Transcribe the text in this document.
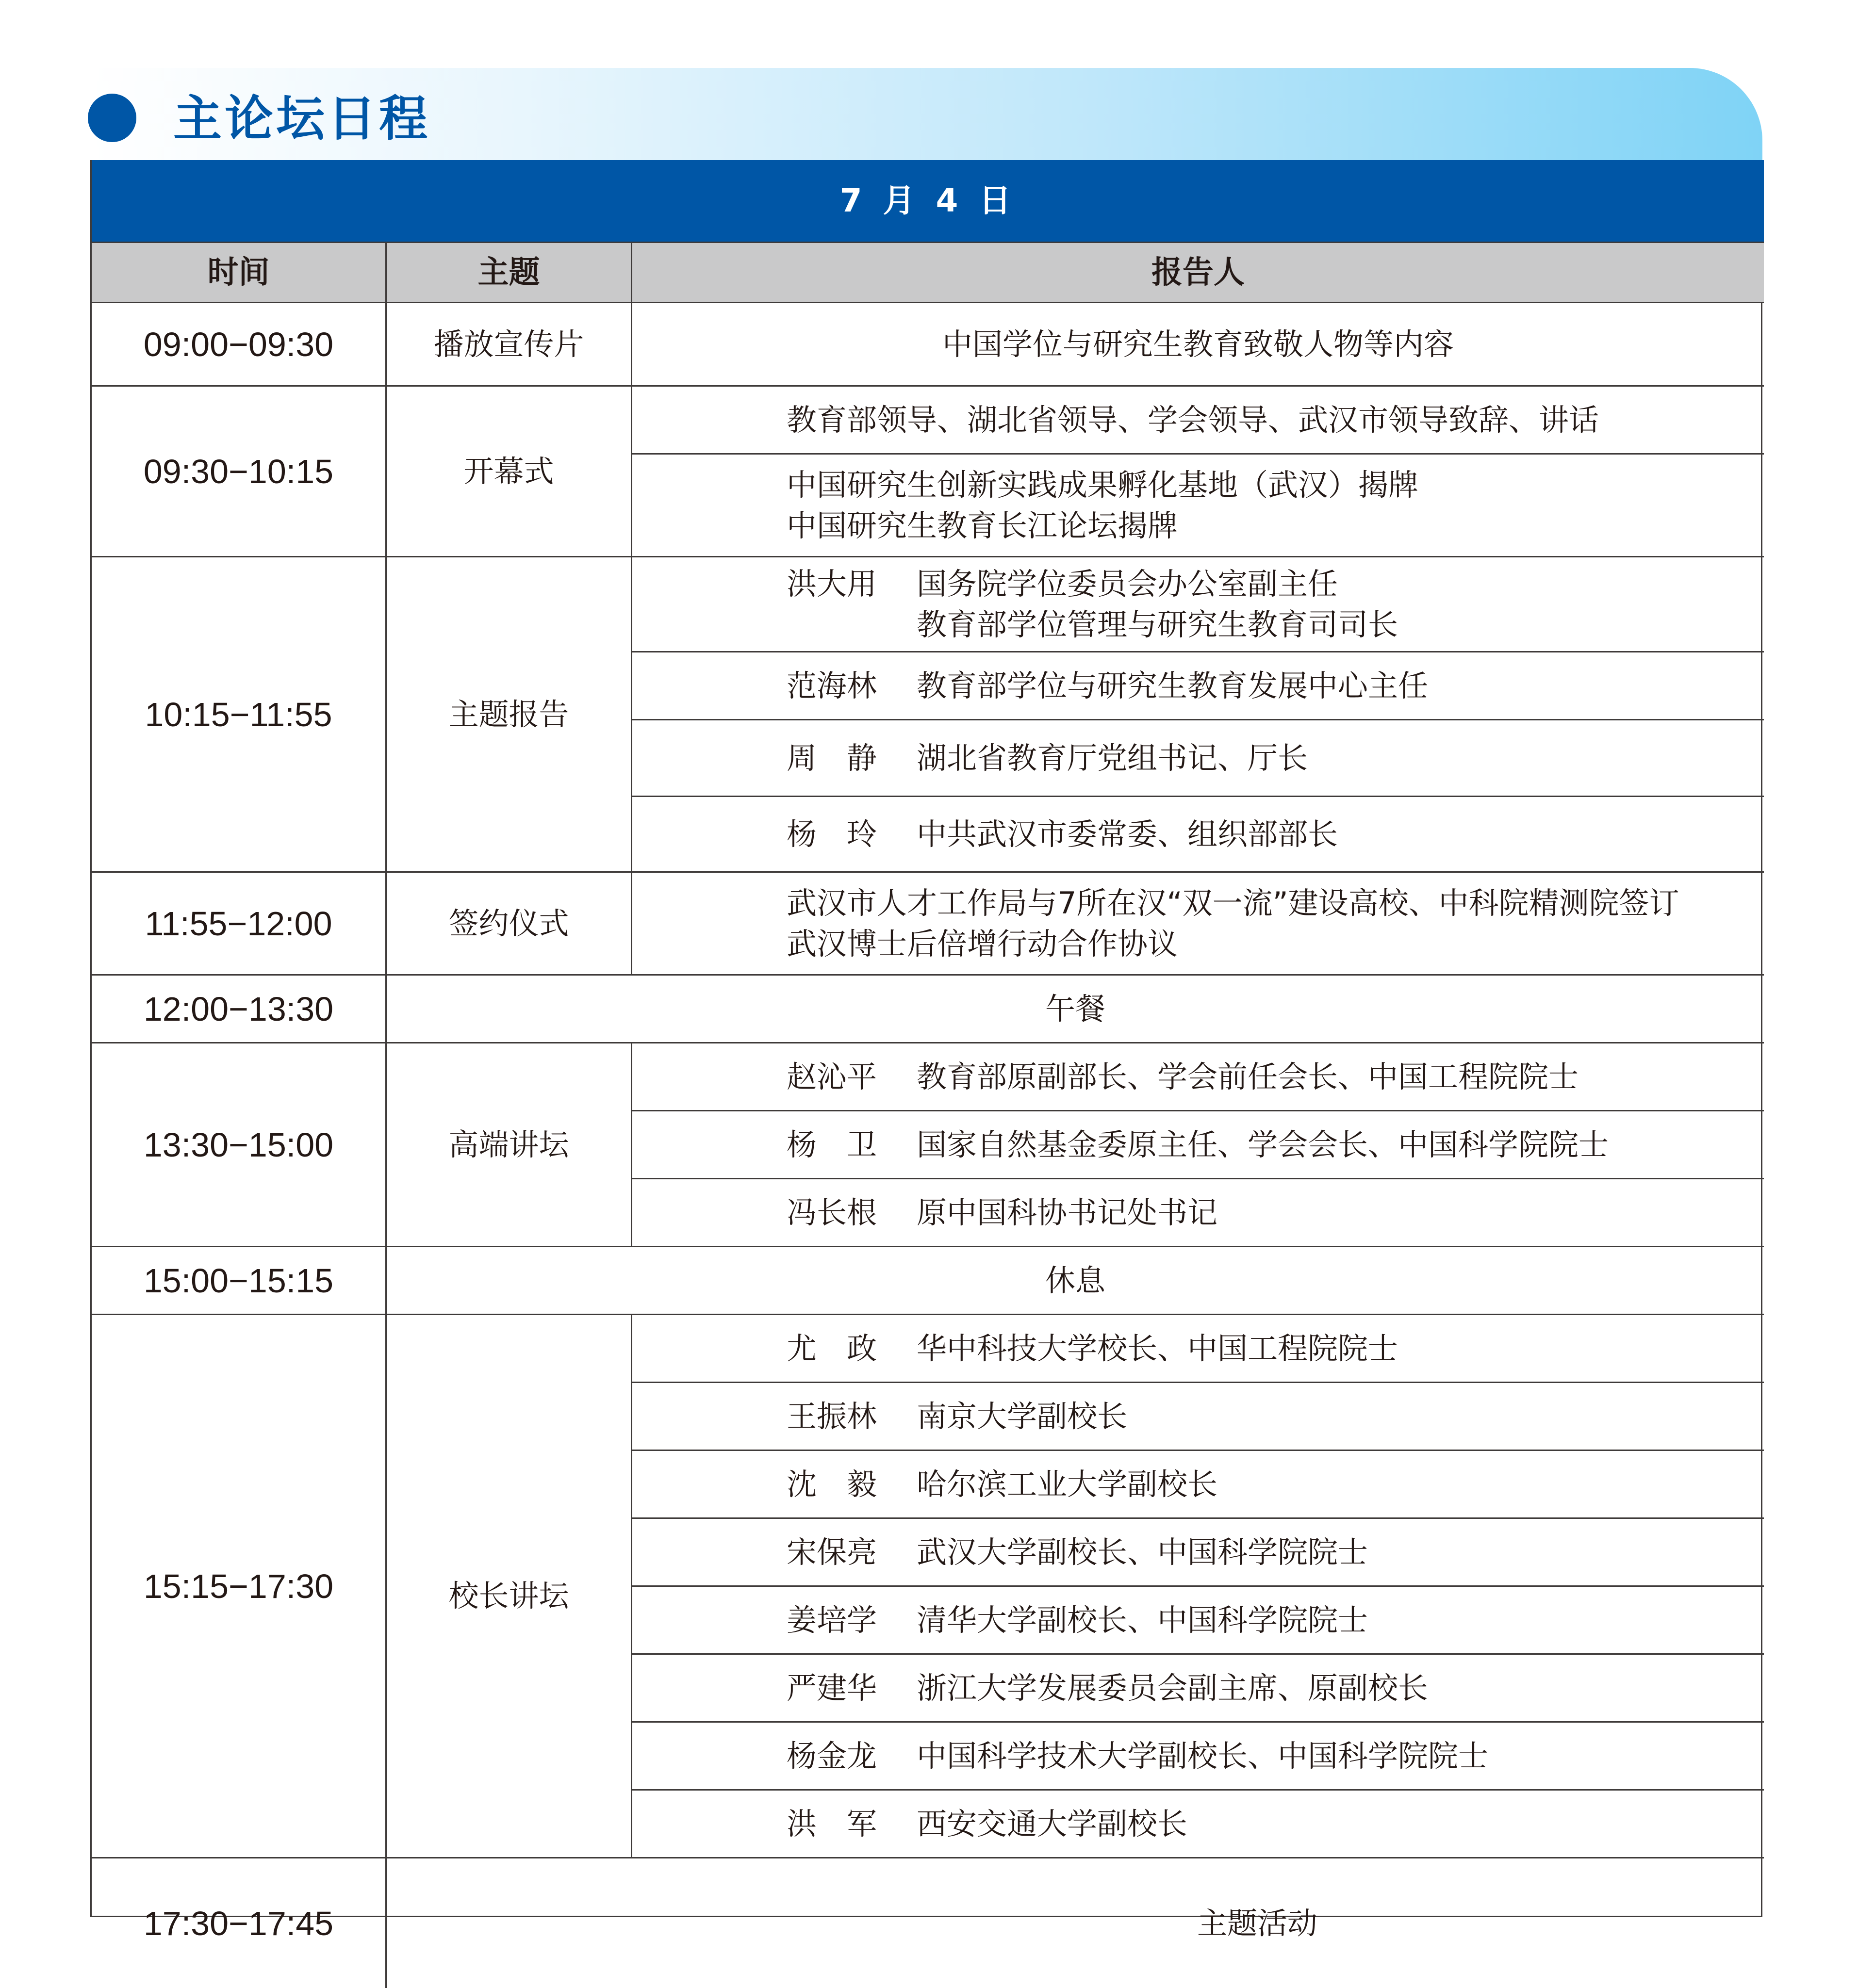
主论坛日程
7 月 4 日
时间	主题	报告人
09:00−09:30	播放宣传片	中国学位与研究生教育致敬人物等内容
09:30−10:15	开幕式
教育部领导、湖北省领导、学会领导、武汉市领导致辞、讲话
中国研究生创新实践成果孵化基地（武汉）揭牌
中国研究生教育长江论坛揭牌
10:15−11:55	主题报告
洪大用	国务院学位委员会办公室副主任
教育部学位管理与研究生教育司司长
范海林	教育部学位与研究生教育发展中心主任
周　静	湖北省教育厅党组书记、厅长
杨　玲	中共武汉市委常委、组织部部长
11:55−12:00	签约仪式
武汉市人才工作局与7所在汉“双一流”建设高校、中科院精测院签订
武汉博士后倍增行动合作协议
12:00−13:30	午餐
13:30−15:00	高端讲坛
赵沁平	教育部原副部长、学会前任会长、中国工程院院士
杨　卫	国家自然基金委原主任、学会会长、中国科学院院士
冯长根	原中国科协书记处书记
15:00−15:15	休息
15:15−17:30	校长讲坛
尤　政	华中科技大学校长、中国工程院院士
王振林	南京大学副校长
沈　毅	哈尔滨工业大学副校长
宋保亮	武汉大学副校长、中国科学院院士
姜培学	清华大学副校长、中国科学院院士
严建华	浙江大学发展委员会副主席、原副校长
杨金龙	中国科学技术大学副校长、中国科学院院士
洪　军	西安交通大学副校长
17:30−17:45	主题活动
